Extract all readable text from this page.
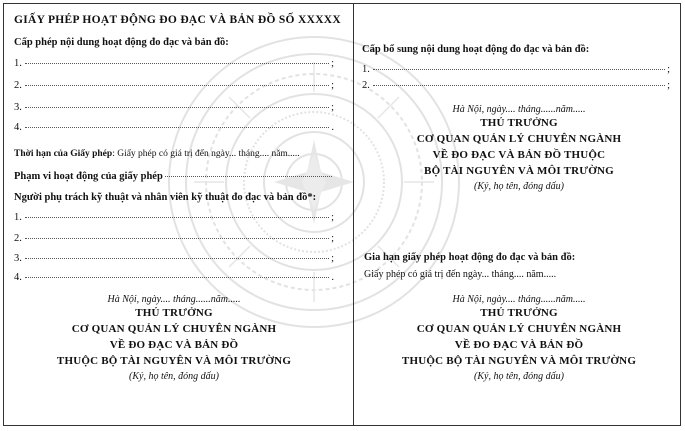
GIẤY PHÉP HOẠT ĐỘNG ĐO ĐẠC VÀ BẢN ĐỒ SỐ XXXXX
Cấp phép nội dung hoạt động đo đạc và bản đồ:
1.	;
2.	;
3.	;
4.	.
Thời hạn của Giấy phép: Giấy phép có giá trị đến ngày... tháng.... năm.....
Phạm vi hoạt động của giấy phép
Người phụ trách kỹ thuật và nhân viên kỹ thuật đo đạc và bản đồ*:
1.	;
2.	;
3.	;
4.	.
Hà Nội, ngày.... tháng......năm.....
THỦ TRƯỞNG
CƠ QUAN QUẢN LÝ CHUYÊN NGÀNH
VỀ ĐO ĐẠC VÀ BẢN ĐỒ
THUỘC BỘ TÀI NGUYÊN VÀ MÔI TRƯỜNG
(Ký, họ tên, đóng dấu)
Cấp bổ sung nội dung hoạt động đo đạc và bản đồ:
1.	;
2.	;
Hà Nội, ngày.... tháng......năm.....
THỦ TRƯỞNG
CƠ QUAN QUẢN LÝ CHUYÊN NGÀNH
VỀ ĐO ĐẠC VÀ BẢN ĐỒ THUỘC
BỘ TÀI NGUYÊN VÀ MÔI TRƯỜNG
(Ký, họ tên, đóng dấu)
Gia hạn giấy phép hoạt động đo đạc và bản đồ:
Giấy phép có giá trị đến ngày... tháng.... năm.....
Hà Nội, ngày.... tháng......năm.....
THỦ TRƯỞNG
CƠ QUAN QUẢN LÝ CHUYÊN NGÀNH
VỀ ĐO ĐẠC VÀ BẢN ĐỒ
THUỘC BỘ TÀI NGUYÊN VÀ MÔI TRƯỜNG
(Ký, họ tên, đóng dấu)
